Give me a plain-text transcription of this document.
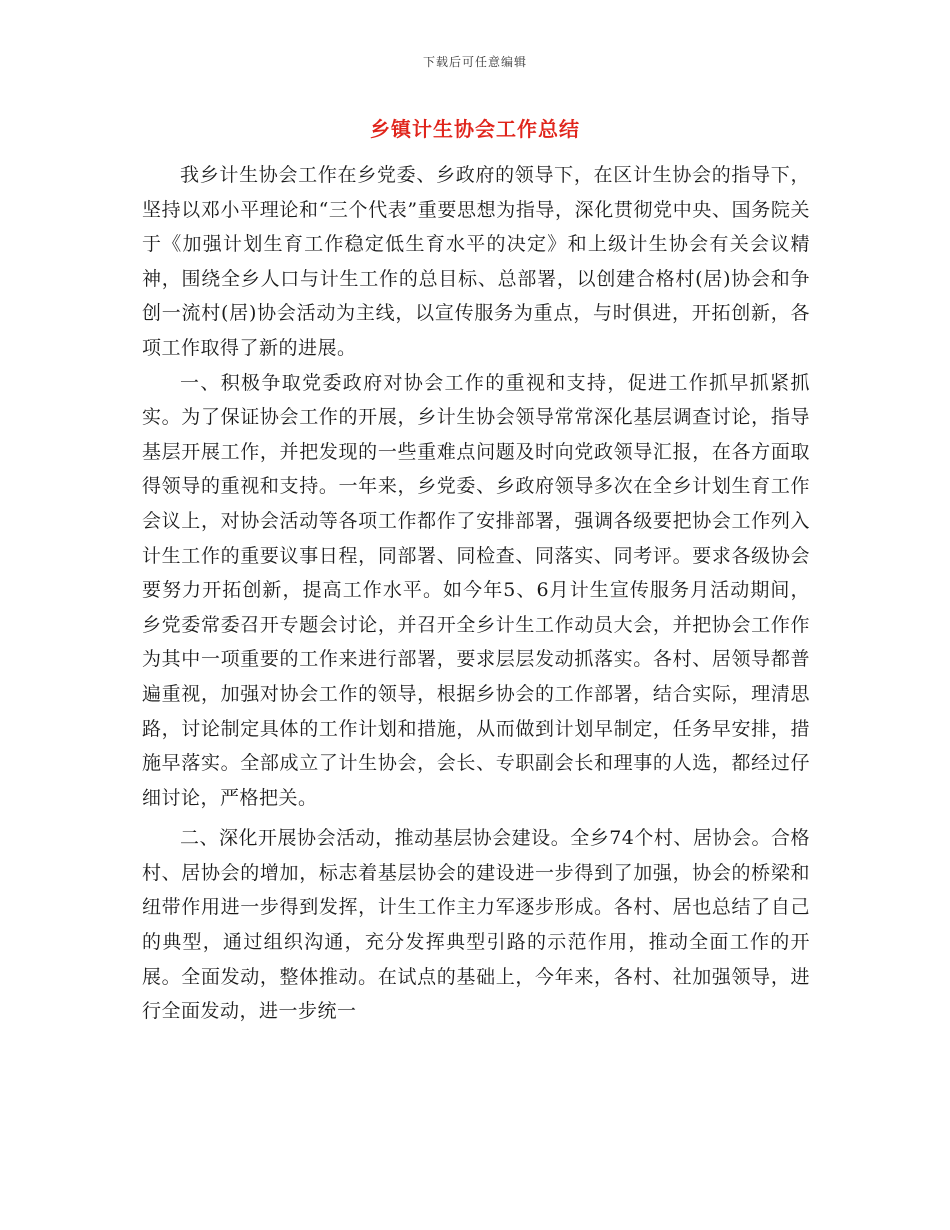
下载后可任意编辑
乡镇计生协会工作总结

我乡计生协会工作在乡党委、乡政府的领导下，在区计生协会的指导下，坚持以邓小平理论和“三个代表”重要思想为指导，深化贯彻党中央、国务院关于《加强计划生育工作稳定低生育水平的决定》和上级计生协会有关会议精神，围绕全乡人口与计生工作的总目标、总部署，以创建合格村(居)协会和争创一流村(居)协会活动为主线，以宣传服务为重点，与时俱进，开拓创新，各项工作取得了新的进展。

一、积极争取党委政府对协会工作的重视和支持，促进工作抓早抓紧抓实。为了保证协会工作的开展，乡计生协会领导常常深化基层调查讨论，指导基层开展工作，并把发现的一些重难点问题及时向党政领导汇报，在各方面取得领导的重视和支持。一年来，乡党委、乡政府领导多次在全乡计划生育工作会议上，对协会活动等各项工作都作了安排部署，强调各级要把协会工作列入计生工作的重要议事日程，同部署、同检查、同落实、同考评。要求各级协会要努力开拓创新，提高工作水平。如今年5、6月计生宣传服务月活动期间，乡党委常委召开专题会讨论，并召开全乡计生工作动员大会，并把协会工作作为其中一项重要的工作来进行部署，要求层层发动抓落实。各村、居领导都普遍重视，加强对协会工作的领导，根据乡协会的工作部署，结合实际，理清思路，讨论制定具体的工作计划和措施，从而做到计划早制定，任务早安排，措施早落实。全部成立了计生协会，会长、专职副会长和理事的人选，都经过仔细讨论，严格把关。

二、深化开展协会活动，推动基层协会建设。全乡74个村、居协会。合格村、居协会的增加，标志着基层协会的建设进一步得到了加强，协会的桥梁和纽带作用进一步得到发挥，计生工作主力军逐步形成。各村、居也总结了自己的典型，通过组织沟通，充分发挥典型引路的示范作用，推动全面工作的开展。全面发动，整体推动。在试点的基础上，今年来，各村、社加强领导，进行全面发动，进一步统一
